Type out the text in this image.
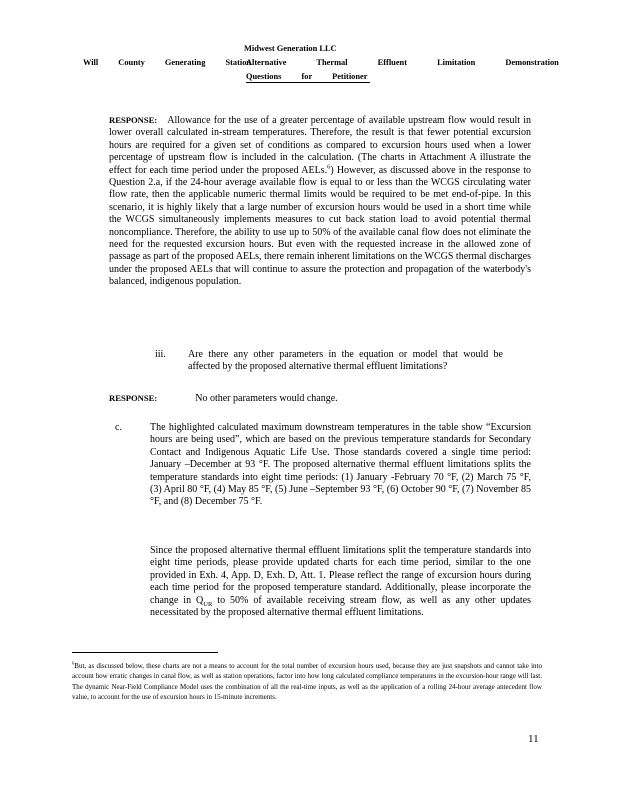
Midwest Generation LLC
Will County Generating Station
Alternative Thermal Effluent Limitation Demonstration
Questions for Petitioner
RESPONSE: Allowance for the use of a greater percentage of available upstream flow would result in lower overall calculated in-stream temperatures. Therefore, the result is that fewer potential excursion hours are required for a given set of conditions as compared to excursion hours used when a lower percentage of upstream flow is included in the calculation. (The charts in Attachment A illustrate the effect for each time period under the proposed AELs.$^6$) However, as discussed above in the response to Question 2.a, if the 24-hour average available flow is equal to or less than the WCGS circulating water flow rate, then the applicable numeric thermal limits would be required to be met end-of-pipe. In this scenario, it is highly likely that a large number of excursion hours would be used in a short time while the WCGS simultaneously implements measures to cut back station load to avoid potential thermal noncompliance. Therefore, the ability to use up to 50% of the available canal flow does not eliminate the need for the requested excursion hours. But even with the requested increase in the allowed zone of passage as part of the proposed AELs, there remain inherent limitations on the WCGS thermal discharges under the proposed AELs that will continue to assure the protection and propagation of the waterbody's balanced, indigenous population.
iii. Are there any other parameters in the equation or model that would be affected by the proposed alternative thermal effluent limitations?
RESPONSE:	No other parameters would change.
c.	The highlighted calculated maximum downstream temperatures in the table show “Excursion hours are being used”, which are based on the previous temperature standards for Secondary Contact and Indigenous Aquatic Life Use. Those standards covered a single time period: January –December at 93 °F. The proposed alternative thermal effluent limitations splits the temperature standards into eight time periods: (1) January -February 70 °F, (2) March 75 °F, (3) April 80 °F, (4) May 85 °F, (5) June –September 93 °F, (6) October 90 °F, (7) November 85 °F, and (8) December 75 °F.
Since the proposed alternative thermal effluent limitations split the temperature standards into eight time periods, please provide updated charts for each time period, similar to the one provided in Exh. 4, App. D, Exh. D, Att. 1. Please reflect the range of excursion hours during each time period for the proposed temperature standard. Additionally, please incorporate the change in $Q_{UR}$ to 50% of available receiving stream flow, as well as any other updates necessitated by the proposed alternative thermal effluent limitations.
$^6$But, as discussed below, these charts are not a means to account for the total number of excursion hours used, because they are just snapshots and cannot take into account how erratic changes in canal flow, as well as station operations, factor into how long calculated compliance temperatures in the excursion-hour range will last. The dynamic Near-Field Compliance Model uses the combination of all the real-time inputs, as well as the application of a rolling 24-hour average antecedent flow value, to account for the use of excursion hours in 15-minute increments.
11
